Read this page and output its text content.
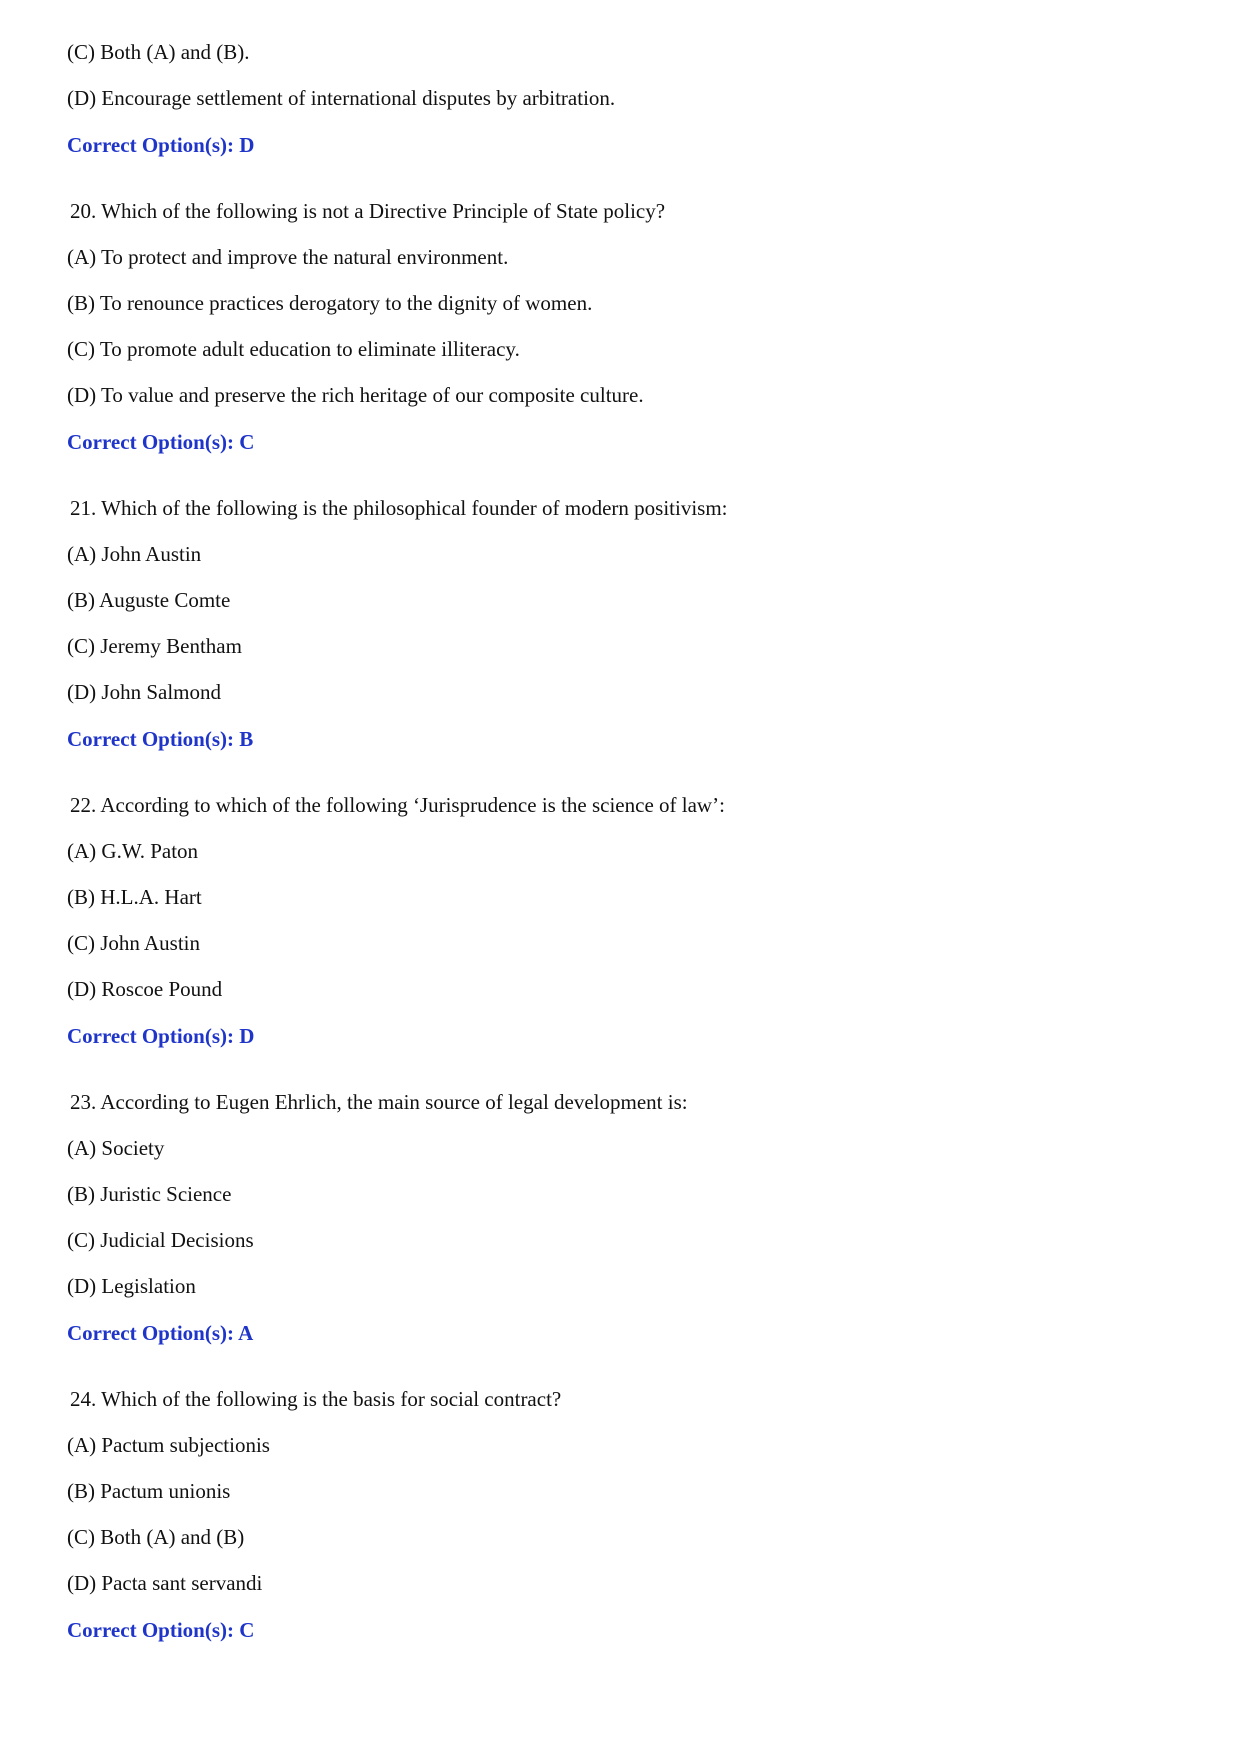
(C) Both (A) and (B).
(D) Encourage settlement of international disputes by arbitration.
Correct Option(s): D
20. Which of the following is not a Directive Principle of State policy?
(A) To protect and improve the natural environment.
(B) To renounce practices derogatory to the dignity of women.
(C) To promote adult education to eliminate illiteracy.
(D) To value and preserve the rich heritage of our composite culture.
Correct Option(s): C
21. Which of the following is the philosophical founder of modern positivism:
(A) John Austin
(B) Auguste Comte
(C) Jeremy Bentham
(D) John Salmond
Correct Option(s): B
22. According to which of the following ‘Jurisprudence is the science of law’:
(A) G.W. Paton
(B) H.L.A. Hart
(C) John Austin
(D) Roscoe Pound
Correct Option(s): D
23. According to Eugen Ehrlich, the main source of legal development is:
(A) Society
(B) Juristic Science
(C) Judicial Decisions
(D) Legislation
Correct Option(s): A
24. Which of the following is the basis for social contract?
(A) Pactum subjectionis
(B) Pactum unionis
(C) Both (A) and (B)
(D) Pacta sant servandi
Correct Option(s): C
